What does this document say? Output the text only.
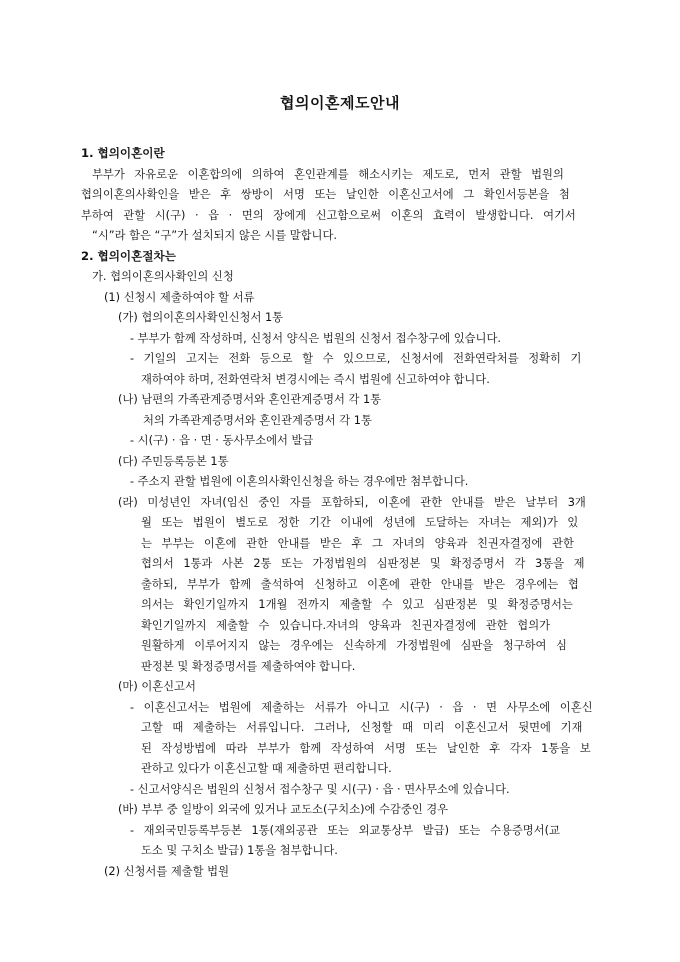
협의이혼제도안내
1. 협의이혼이란
부부가 자유로운 이혼합의에 의하여 혼인관계를 해소시키는 제도로, 먼저 관할 법원의
협의이혼의사확인을 받은 후 쌍방이 서명 또는 날인한 이혼신고서에 그 확인서등본을 첨
부하여 관할 시(구) · 읍 · 면의 장에게 신고함으로써 이혼의 효력이 발생합니다. 여기서
“시”라 함은 “구”가 설치되지 않은 시를 말합니다.
2. 협의이혼절차는
가. 협의이혼의사확인의 신청
(1) 신청시 제출하여야 할 서류
(가) 협의이혼의사확인신청서 1통
- 부부가 함께 작성하며, 신청서 양식은 법원의 신청서 접수창구에 있습니다.
- 기일의 고지는 전화 등으로 할 수 있으므로, 신청서에 전화연락처를 정확히 기
재하여야 하며, 전화연락처 변경시에는 즉시 법원에 신고하여야 합니다.
(나) 남편의 가족관계증명서와 혼인관계증명서 각 1통
처의 가족관계증명서와 혼인관계증명서 각 1통
- 시(구) · 읍 · 면 · 동사무소에서 발급
(다) 주민등록등본 1통
- 주소지 관할 법원에 이혼의사확인신청을 하는 경우에만 첨부합니다.
(라) 미성년인 자녀(임신 중인 자를 포함하되, 이혼에 관한 안내를 받은 날부터 3개
월 또는 법원이 별도로 정한 기간 이내에 성년에 도달하는 자녀는 제외)가 있
는 부부는 이혼에 관한 안내를 받은 후 그 자녀의 양육과 친권자결정에 관한
협의서 1통과 사본 2통 또는 가정법원의 심판정본 및 확정증명서 각 3통을 제
출하되, 부부가 함께 출석하여 신청하고 이혼에 관한 안내를 받은 경우에는 협
의서는 확인기일까지 1개월 전까지 제출할 수 있고 심판정본 및 확정증명서는
확인기일까지 제출할 수 있습니다.자녀의 양육과 친권자결정에 관한 협의가
원활하게 이루어지지 않는 경우에는 신속하게 가정법원에 심판을 청구하여 심
판정본 및 확정증명서를 제출하여야 합니다.
(마) 이혼신고서
- 이혼신고서는 법원에 제출하는 서류가 아니고 시(구) · 읍 · 면 사무소에 이혼신
고할 때 제출하는 서류입니다. 그러나, 신청할 때 미리 이혼신고서 뒷면에 기재
된 작성방법에 따라 부부가 함께 작성하여 서명 또는 날인한 후 각자 1통을 보
관하고 있다가 이혼신고할 때 제출하면 편리합니다.
- 신고서양식은 법원의 신청서 접수창구 및 시(구) · 읍 · 면사무소에 있습니다.
(바) 부부 중 일방이 외국에 있거나 교도소(구치소)에 수감중인 경우
- 재외국민등록부등본 1통(재외공관 또는 외교통상부 발급) 또는 수용증명서(교
도소 및 구치소 발급) 1통을 첨부합니다.
(2) 신청서를 제출할 법원
